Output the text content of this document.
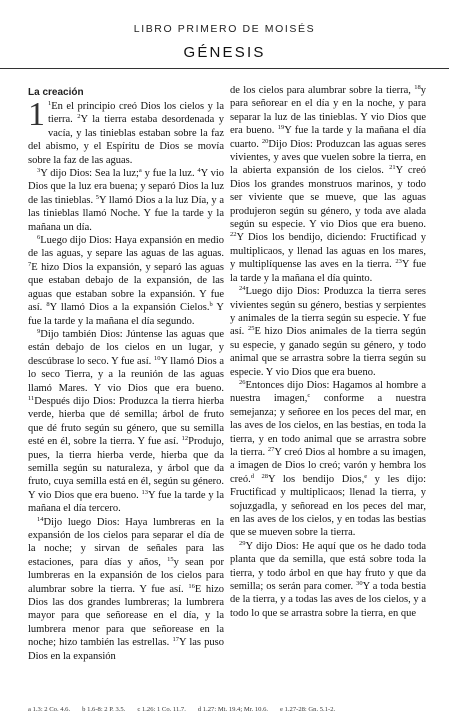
LIBRO PRIMERO DE MOISÉS
GÉNESIS
La creación

1 $^1$En el principio creó Dios los cielos y la tierra. $^2$Y la tierra estaba desordenada y vacía, y las tinieblas estaban sobre la faz del abismo, y el Espíritu de Dios se movía sobre la faz de las aguas.

$^3$Y dijo Dios: Sea la luz;$^a$ y fue la luz. $^4$Y vio Dios que la luz era buena; y separó Dios la luz de las tinieblas. $^5$Y llamó Dios a la luz Día, y a las tinieblas llamó Noche. Y fue la tarde y la mañana un día.

$^6$Luego dijo Dios: Haya expansión en medio de las aguas, y separe las aguas de las aguas. $^7$E hizo Dios la expansión, y separó las aguas que estaban debajo de la expansión, de las aguas que estaban sobre la expansión. Y fue así. $^8$Y llamó Dios a la expansión Cielos.$^b$ Y fue la tarde y la mañana el día segundo.

$^9$Dijo también Dios: Júntense las aguas que están debajo de los cielos en un lugar, y descúbrase lo seco. Y fue así. $^{10}$Y llamó Dios a lo seco Tierra, y a la reunión de las aguas llamó Mares. Y vio Dios que era bueno. $^{11}$Después dijo Dios: Produzca la tierra hierba verde, hierba que dé semilla; árbol de fruto que dé fruto según su género, que su semilla esté en él, sobre la tierra. Y fue así. $^{12}$Produjo, pues, la tierra hierba verde, hierba que da semilla según su naturaleza, y árbol que da fruto, cuya semilla está en él, según su género. Y vio Dios que era bueno. $^{13}$Y fue la tarde y la mañana el día tercero.

$^{14}$Dijo luego Dios: Haya lumbreras en la expansión de los cielos para separar el día de la noche; y sirvan de señales para las estaciones, para días y años, $^{15}$y sean por lumbreras en la expansión de los cielos para alumbrar sobre la tierra. Y fue así. $^{16}$E hizo Dios las dos grandes lumbreras; la lumbrera mayor para que señorease en el día, y la lumbrera menor para que señorease en la noche; hizo también las estrellas. $^{17}$Y las puso Dios en la expansión

de los cielos para alumbrar sobre la tierra, $^{18}$y para señorear en el día y en la noche, y para separar la luz de las tinieblas. Y vio Dios que era bueno. $^{19}$Y fue la tarde y la mañana el día cuarto. $^{20}$Dijo Dios: Produzcan las aguas seres vivientes, y aves que vuelen sobre la tierra, en la abierta expansión de los cielos. $^{21}$Y creó Dios los grandes monstruos marinos, y todo ser viviente que se mueve, que las aguas produjeron según su género, y toda ave alada según su especie. Y vio Dios que era bueno. $^{22}$Y Dios los bendijo, diciendo: Fructificad y multiplicaos, y llenad las aguas en los mares, y multiplíquense las aves en la tierra. $^{23}$Y fue la tarde y la mañana el día quinto.

$^{24}$Luego dijo Dios: Produzca la tierra seres vivientes según su género, bestias y serpientes y animales de la tierra según su especie. Y fue así. $^{25}$E hizo Dios animales de la tierra según su especie, y ganado según su género, y todo animal que se arrastra sobre la tierra según su especie. Y vio Dios que era bueno.

$^{26}$Entonces dijo Dios: Hagamos al hombre a nuestra imagen,$^c$ conforme a nuestra semejanza; y señoree en los peces del mar, en las aves de los cielos, en las bestias, en toda la tierra, y en todo animal que se arrastra sobre la tierra. $^{27}$Y creó Dios al hombre a su imagen, a imagen de Dios lo creó; varón y hembra los creó.$^d$ $^{28}$Y los bendijo Dios,$^e$ y les dijo: Fructificad y multiplicaos; llenad la tierra, y sojuzgadla, y señoread en los peces del mar, en las aves de los cielos, y en todas las bestias que se mueven sobre la tierra.

$^{29}$Y dijo Dios: He aquí que os he dado toda planta que da semilla, que está sobre toda la tierra, y todo árbol en que hay fruto y que da semilla; os serán para comer. $^{30}$Y a toda bestia de la tierra, y a todas las aves de los cielos, y a todo lo que se arrastra sobre la tierra, en que

a 1.3: 2 Co. 4.6. b 1.6-8: 2 P. 3.5. c 1.26: 1 Co. 11.7. d 1.27: Mt. 19.4; Mr. 10.6. e 1.27-28: Gn. 5.1-2.
